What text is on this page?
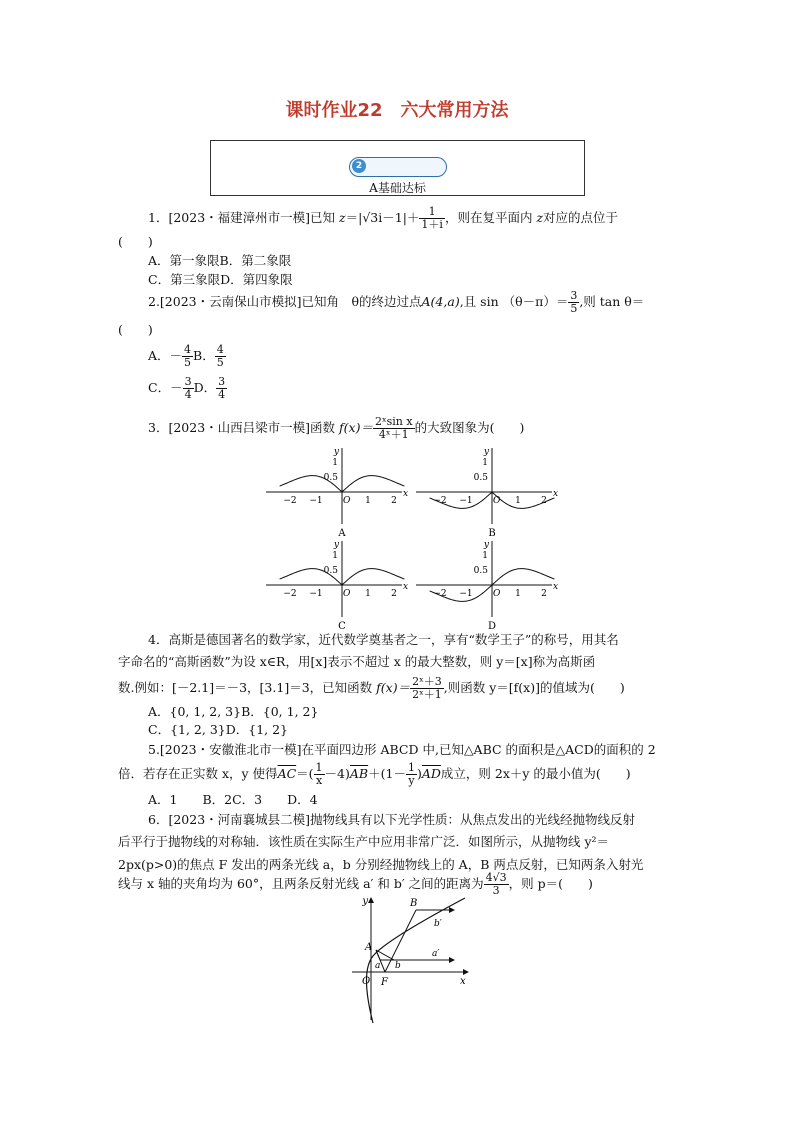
课时作业22　六大常用方法
2
A基础达标
1．[2023・福建漳州市一模]已知 $z=|√3i-1|+ \frac{1}{1+i}$ ，则在复平面内 z对应的点位于
(　　)
A．第一象限B．第二象限
C．第三象限D．第四象限
2.[2023・云南保山市模拟]已知角　θ的终边过点A(4,a),且 $\sin (\theta-\pi)= \frac{3}{5}$ ,则 tan θ＝
(　　)
A．－ $\frac{4}{5}$ B． $\frac{4}{5}$
C．－ $\frac{3}{4}$ D． $\frac{3}{4}$
3．[2023・山西吕梁市一模]函数 $f(x)= \frac{\text{2ˣsin x}}{\text{4ˣ＋1}}$ 的大致图象为(　　)
y
x
1
0.5
−2 −1	1 2
O
A
y
x
1
0.5
−2 −1	1 2
O
B
y
x
1
0.5
−2 −1	1 2
O
C
y
x
1
0.5
−2 −1	1 2
O
D
4．高斯是德国著名的数学家，近代数学奠基者之一，享有“数学王子”的称号，用其名
字命名的“高斯函数”为设 x∈R，用[x]表示不超过 x 的最大整数，则 y＝[x]称为高斯函
数.例如：[－2.1]＝－3，[3.1]＝3，已知函数 $f(x)= \frac{\text{2ˣ＋3}}{\text{2ˣ＋1}}$ ,则函数 y＝[f(x)]的值域为(　　)
A．{0, 1, 2, 3}B．{0, 1, 2}
C．{1, 2, 3}D．{1, 2}
5.[2023・安徽淮北市一模]在平面四边形 ABCD 中,已知△ABC 的面积是△ACD的面积的 2
倍．若存在正实数 x，y 使得$\overline{AC}=( \frac{1}{x} -4)\overline{AB}+(1- \frac{1}{y} )\overline{AD}$成立，则 2x＋y 的最小值为(　　)
A．1　　B．2C．3　　D．4
6．[2023・河南襄城县二模]抛物线具有以下光学性质：从焦点发出的光线经抛物线反射
后平行于抛物线的对称轴．该性质在实际生产中应用非常广泛．如图所示，从抛物线 y²＝
2px(p>0)的焦点 F 发出的两条光线 a，b 分别经抛物线上的 A，B 两点反射，已知两条入射光
线与 x 轴的夹角均为 60°，且两条反射光线 a′ 和 b′ 之间的距离为 $\frac{4√3}{3}$ ，则 p＝(　　)
y
x
O F
A
B
a b
a′
b′
